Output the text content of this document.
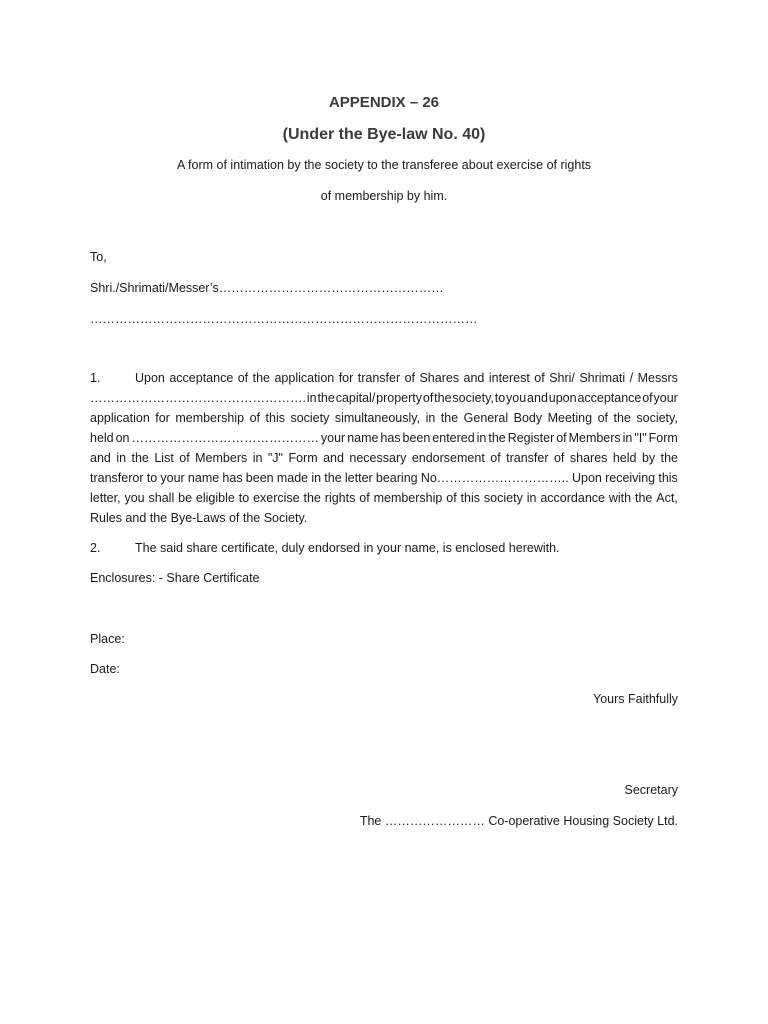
APPENDIX – 26
(Under the Bye-law No. 40)
A form of intimation by the society to the transferee about exercise of rights
of membership by him.
To,
Shri./Shrimati/Messer’s………………………………………………
…………………………………………………………………………………
1.	Upon acceptance of the application for transfer of Shares and interest of Shri/ Shrimati / Messrs
……………………………………………. in the capital/ property of the society, to you and upon acceptance of your
application for membership of this society simultaneously, in the General Body Meeting of the society,
held on ……………………………………… your name has been entered in the Register of Members in "I" Form
and in the List of Members in "J" Form and necessary endorsement of transfer of shares held by the
transferor to your name has been made in the letter bearing No………………………….. Upon receiving this
letter, you shall be eligible to exercise the rights of membership of this society in accordance with the Act,
Rules and the Bye-Laws of the Society.
2.	The said share certificate, duly endorsed in your name, is enclosed herewith.
Enclosures: - Share Certificate
Place:
Date:
Yours Faithfully
Secretary
The …………………… Co-operative Housing Society Ltd.
